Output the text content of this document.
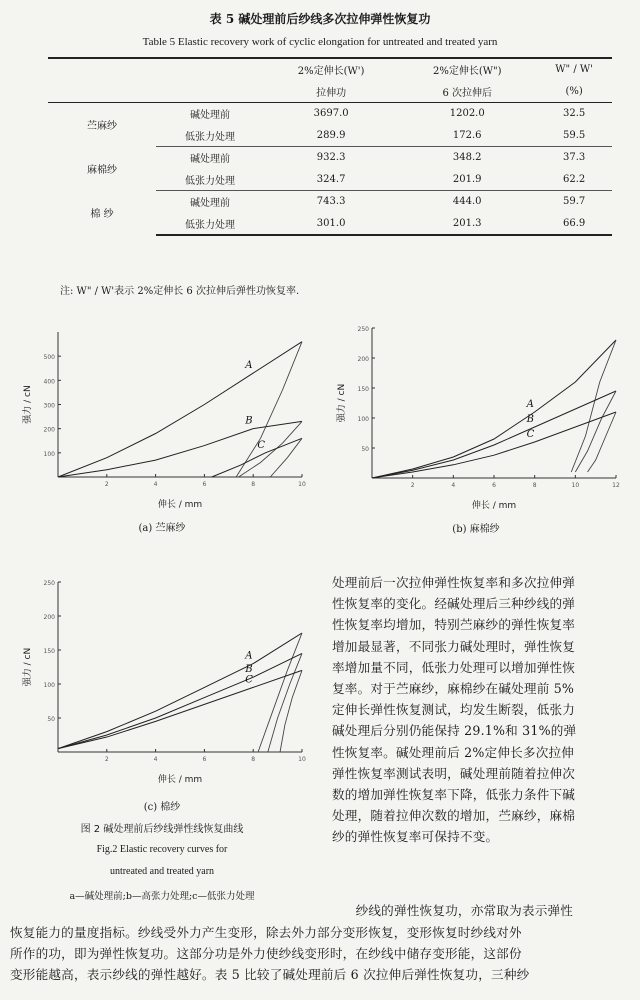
表 5 碱处理前后纱线多次拉伸弹性恢复功
Table 5 Elastic recovery work of cyclic elongation for untreated and treated yarn
		2%定伸长(W')	2%定伸长(W")	W" / W'
		拉伸功	6 次拉伸后	(%)
苎麻纱	碱处理前	3697.0	1202.0	32.5
	低张力处理	289.9	172.6	59.5
麻棉纱	碱处理前	932.3	348.2	37.3
	低张力处理	324.7	201.9	62.2
棉 纱	碱处理前	743.3	444.0	59.7
	低张力处理	301.0	201.3	66.9
注: W" / W'表示 2%定伸长 6 次拉伸后弹性功恢复率.
100
200
300
400
500
2	4	6	8	10
强力 / cN
伸长 / mm
A
B
C
(a) 苎麻纱
50
100
150
200
250
2	4	6	8	10	12
强力 / cN
伸长 / mm
A
B
C
(b) 麻棉纱
50
100
150
200
250
2	4	6	8	10
强力 / cN
伸长 / mm
A
B
C
(c) 棉纱
图 2 碱处理前后纱线弹性线恢复曲线
Fig.2 Elastic recovery curves for
untreated and treated yarn
a—碱处理前;b—高张力处理;c—低张力处理
处理前后一次拉伸弹性恢复率和多次拉伸弹
性恢复率的变化。经碱处理后三种纱线的弹
性恢复率均增加，特别苎麻纱的弹性恢复率
增加最显著，不同张力碱处理时，弹性恢复
率增加量不同，低张力处理可以增加弹性恢
复率。对于苎麻纱，麻棉纱在碱处理前 5%
定伸长弹性恢复测试，均发生断裂，低张力
碱处理后分别仍能保持 29.1%和 31%的弹
性恢复率。碱处理前后 2%定伸长多次拉伸
弹性恢复率测试表明，碱处理前随着拉伸次
数的增加弹性恢复率下降，低张力条件下碱
处理，随着拉伸次数的增加，苎麻纱，麻棉
纱的弹性恢复率可保持不变。
　　纱线的弹性恢复功，亦常取为表示弹性
恢复能力的量度指标。纱线受外力产生变形，除去外力部分变形恢复，变形恢复时纱线对外
所作的功，即为弹性恢复功。这部分功是外力使纱线变形时，在纱线中储存变形能，这部份
变形能越高，表示纱线的弹性越好。表 5 比较了碱处理前后 6 次拉伸后弹性恢复功，三种纱
